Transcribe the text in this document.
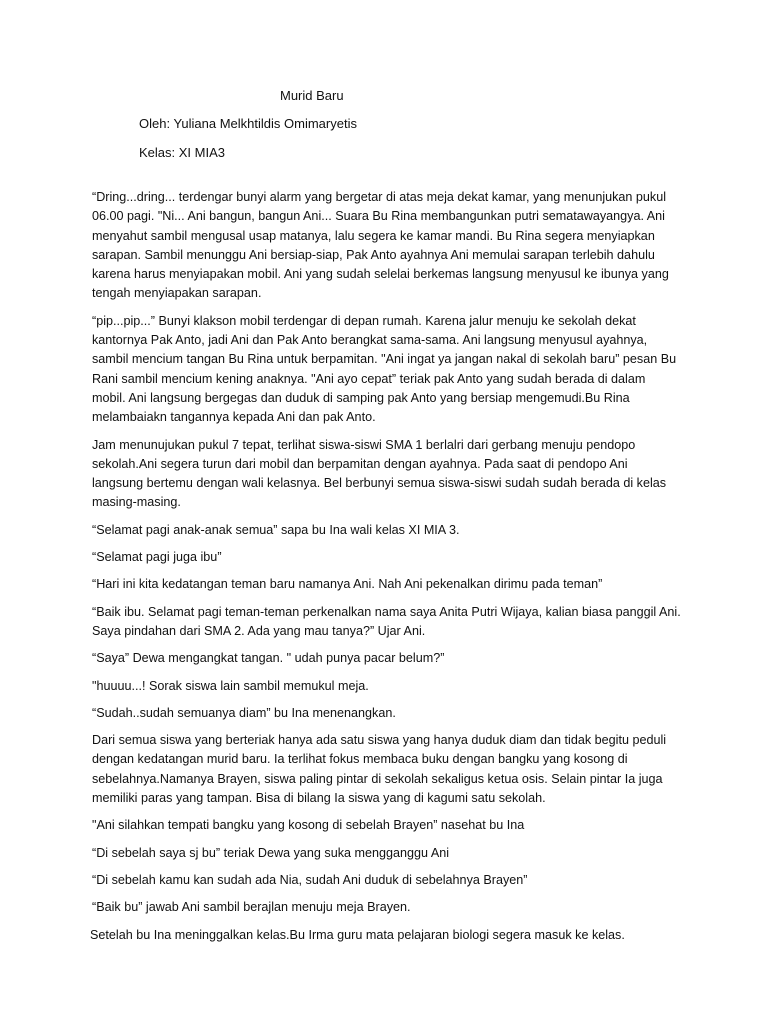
Murid Baru
Oleh: Yuliana Melkhtildis Omimaryetis
Kelas: XI MIA3

“Dring...dring... terdengar bunyi alarm yang bergetar di atas meja dekat kamar, yang menunjukan pukul 06.00 pagi. "Ni... Ani bangun, bangun Ani... Suara Bu Rina membangunkan putri sematawayangya. Ani menyahut sambil mengusal usap matanya, lalu segera ke kamar mandi. Bu Rina segera menyiapkan sarapan. Sambil menunggu Ani bersiap-siap, Pak Anto ayahnya Ani memulai sarapan terlebih dahulu karena harus menyiapakan mobil. Ani yang sudah selelai berkemas langsung menyusul ke ibunya yang tengah menyiapakan sarapan.

“pip...pip...” Bunyi klakson mobil terdengar di depan rumah. Karena jalur menuju ke sekolah dekat kantornya Pak Anto, jadi Ani dan Pak Anto berangkat sama-sama. Ani langsung menyusul ayahnya, sambil mencium tangan Bu Rina untuk berpamitan. "Ani ingat ya jangan nakal di sekolah baru” pesan Bu Rani sambil mencium kening anaknya. "Ani ayo cepat” teriak pak Anto yang sudah berada di dalam mobil. Ani langsung bergegas dan duduk di samping pak Anto yang bersiap mengemudi.Bu Rina melambaiakn tangannya kepada Ani dan pak Anto.

Jam menunujukan pukul 7 tepat, terlihat siswa-siswi SMA 1 berlalri dari gerbang menuju pendopo sekolah.Ani segera turun dari mobil dan berpamitan dengan ayahnya. Pada saat di pendopo Ani langsung bertemu dengan wali kelasnya. Bel berbunyi semua siswa-siswi sudah sudah berada di kelas masing-masing.

“Selamat pagi anak-anak semua” sapa bu Ina wali kelas XI MIA 3.

“Selamat pagi juga ibu”

“Hari ini kita kedatangan teman baru namanya Ani. Nah Ani pekenalkan dirimu pada teman”

“Baik ibu. Selamat pagi teman-teman perkenalkan nama saya Anita Putri Wijaya, kalian biasa panggil Ani. Saya pindahan dari SMA 2. Ada yang mau tanya?” Ujar Ani.

“Saya” Dewa mengangkat tangan. " udah punya pacar belum?”

"huuuu...! Sorak siswa lain sambil memukul meja.

“Sudah..sudah semuanya diam” bu Ina menenangkan.

Dari semua siswa yang berteriak hanya ada satu siswa yang hanya duduk diam dan tidak begitu peduli dengan kedatangan murid baru. Ia terlihat fokus membaca buku dengan bangku yang kosong di sebelahnya.Namanya Brayen, siswa paling pintar di sekolah sekaligus ketua osis. Selain pintar Ia juga memiliki paras yang tampan. Bisa di bilang Ia siswa yang di kagumi satu sekolah.

"Ani silahkan tempati bangku yang kosong di sebelah Brayen” nasehat bu Ina

“Di sebelah saya sj bu” teriak Dewa yang suka mengganggu Ani

“Di sebelah kamu kan sudah ada Nia, sudah Ani duduk di sebelahnya Brayen”

“Baik bu” jawab Ani sambil berajlan menuju meja Brayen.

Setelah bu Ina meninggalkan kelas.Bu Irma guru mata pelajaran biologi segera masuk ke kelas.
